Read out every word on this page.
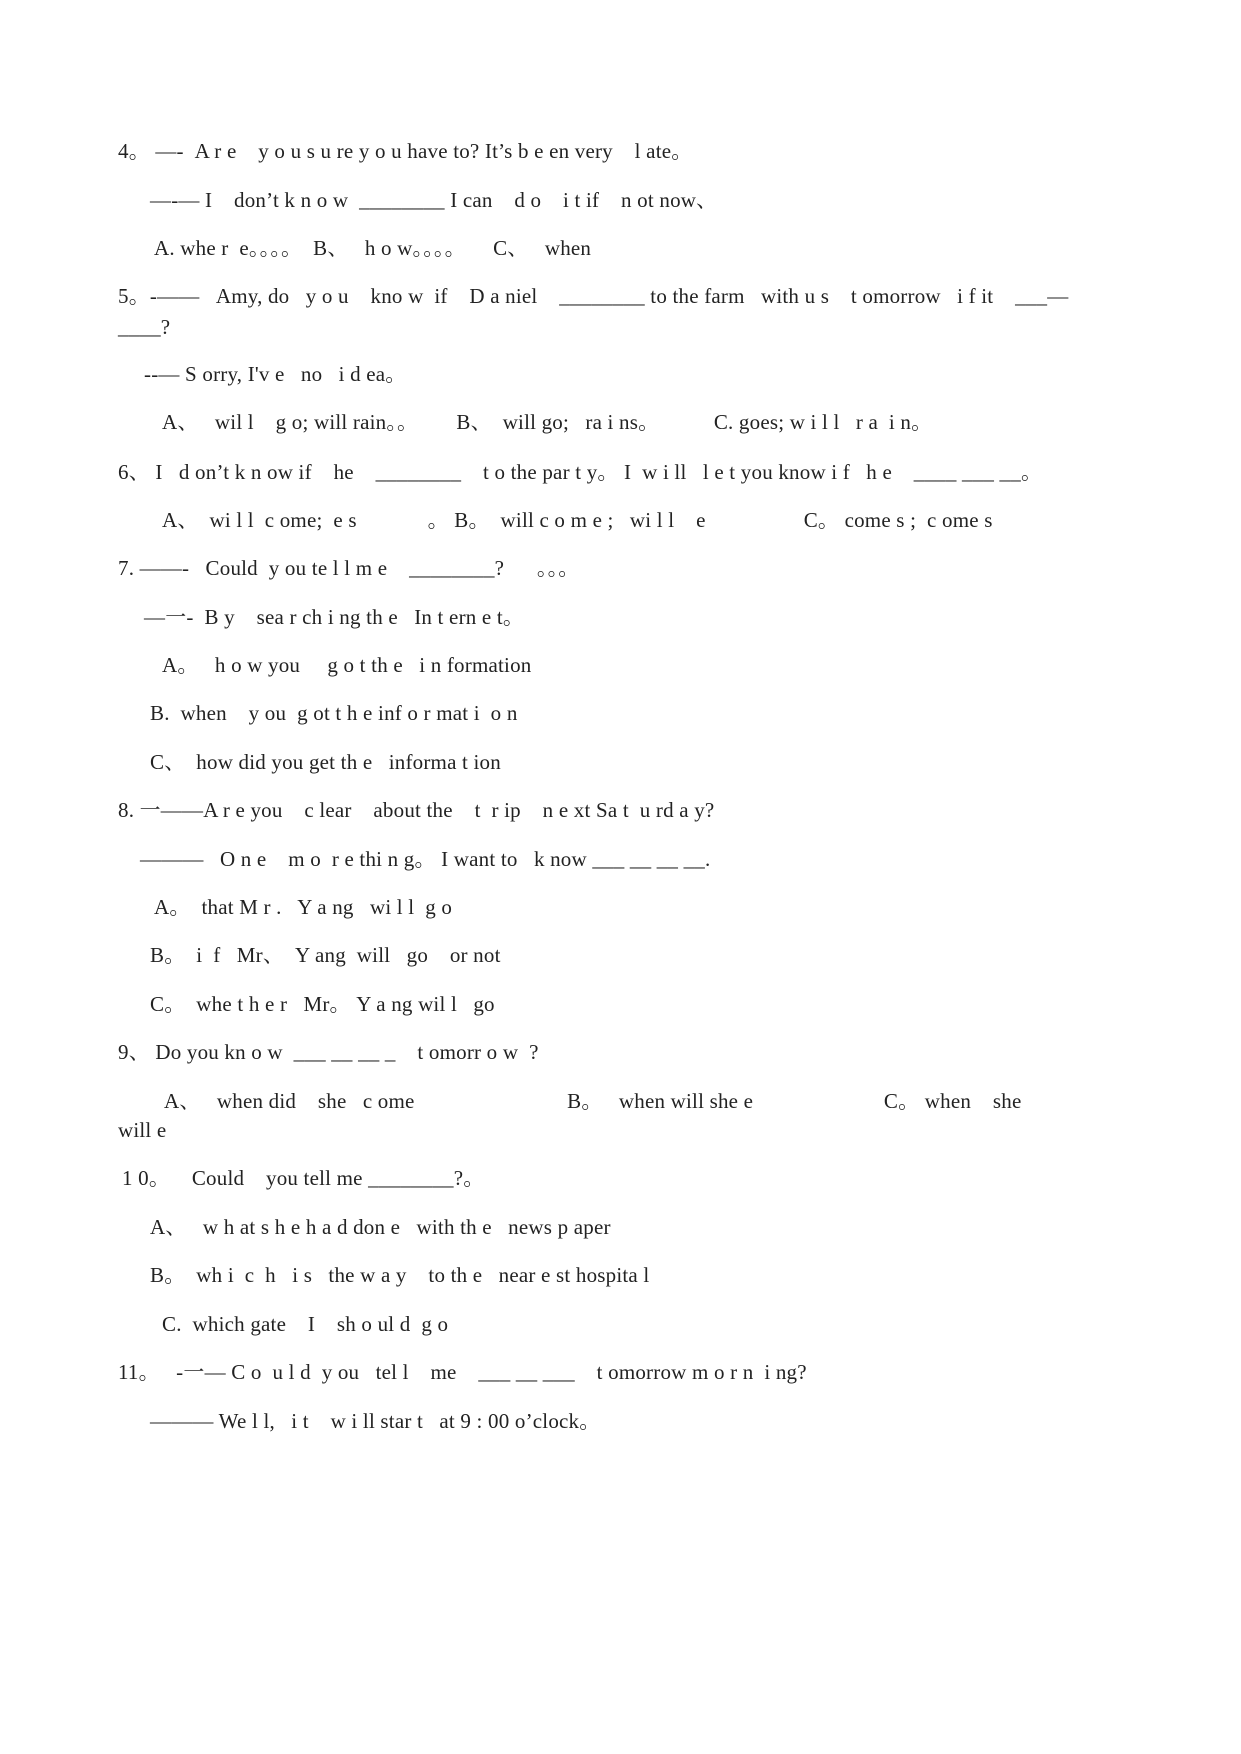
4。 —-  A r e    y o u s u re y o u have to? It’s b e en very    l ate。
—-— I    don’t k n o w  ________ I can    d o    i t if    n ot now、
A. whe r  e。。。。  B、   h o w。。。。     C、   when
5。-——   Amy, do   y o u    kno w  if    D a niel    ________ to the farm   with u s    t omorrow   i f it    ___—
____?
--— S orry, I'v e   no   i d ea。
A、   wil l    g o; will rain。。       B、  will go;   ra i ns。          C. goes; w i l l   r a  i n。
6、 I   d on’t k n ow if    he    ________    t o the par t y。 I  w i ll   l e t you know i f   h e    ____ ___ __。
A、  wi l l  c ome;  e s             。 B。  will c o m e ;   wi l l    e                  C。 come s ;  c ome s
7. ——-   Could  y ou te l l m e    ________?      。。。
—一-  B y    sea r ch i ng th e   In t ern e t。
A。   h o w you     g o t th e   i n formation
B.  when    y ou  g ot t h e inf o r mat i  o n
C、  how did you get th e   informa t ion
8. 一——A r e you    c lear    about the    t  r ip    n e xt Sa t  u rd a y?
———   O n e    m o  r e thi n g。 I want to   k now ___ __ __ __.
A。  that M r .   Y a ng   wi l l  g o
B。  i  f   Mr、  Y ang  will   go    or not
C。  whe t h e r   Mr。 Y a ng wil l   go
9、 Do you kn o w  ___ __ __ _    t omorr o w  ?
A、   when did    she   c ome                            B。   when will she e                        C。 when    she
will e
1 0。    Could    you tell me ________?。
A、   w h at s h e h a d don e   with th e   news p aper
B。  wh i  c  h   i s   the w a y    to th e   near e st hospita l
C.  which gate    I    sh o ul d  g o
11。   -一— C o  u l d  y ou   tel l    me    ___ __ ___    t omorrow m o r n  i ng?
——— We l l,   i t    w i ll star t   at 9 : 00 o’clock。
